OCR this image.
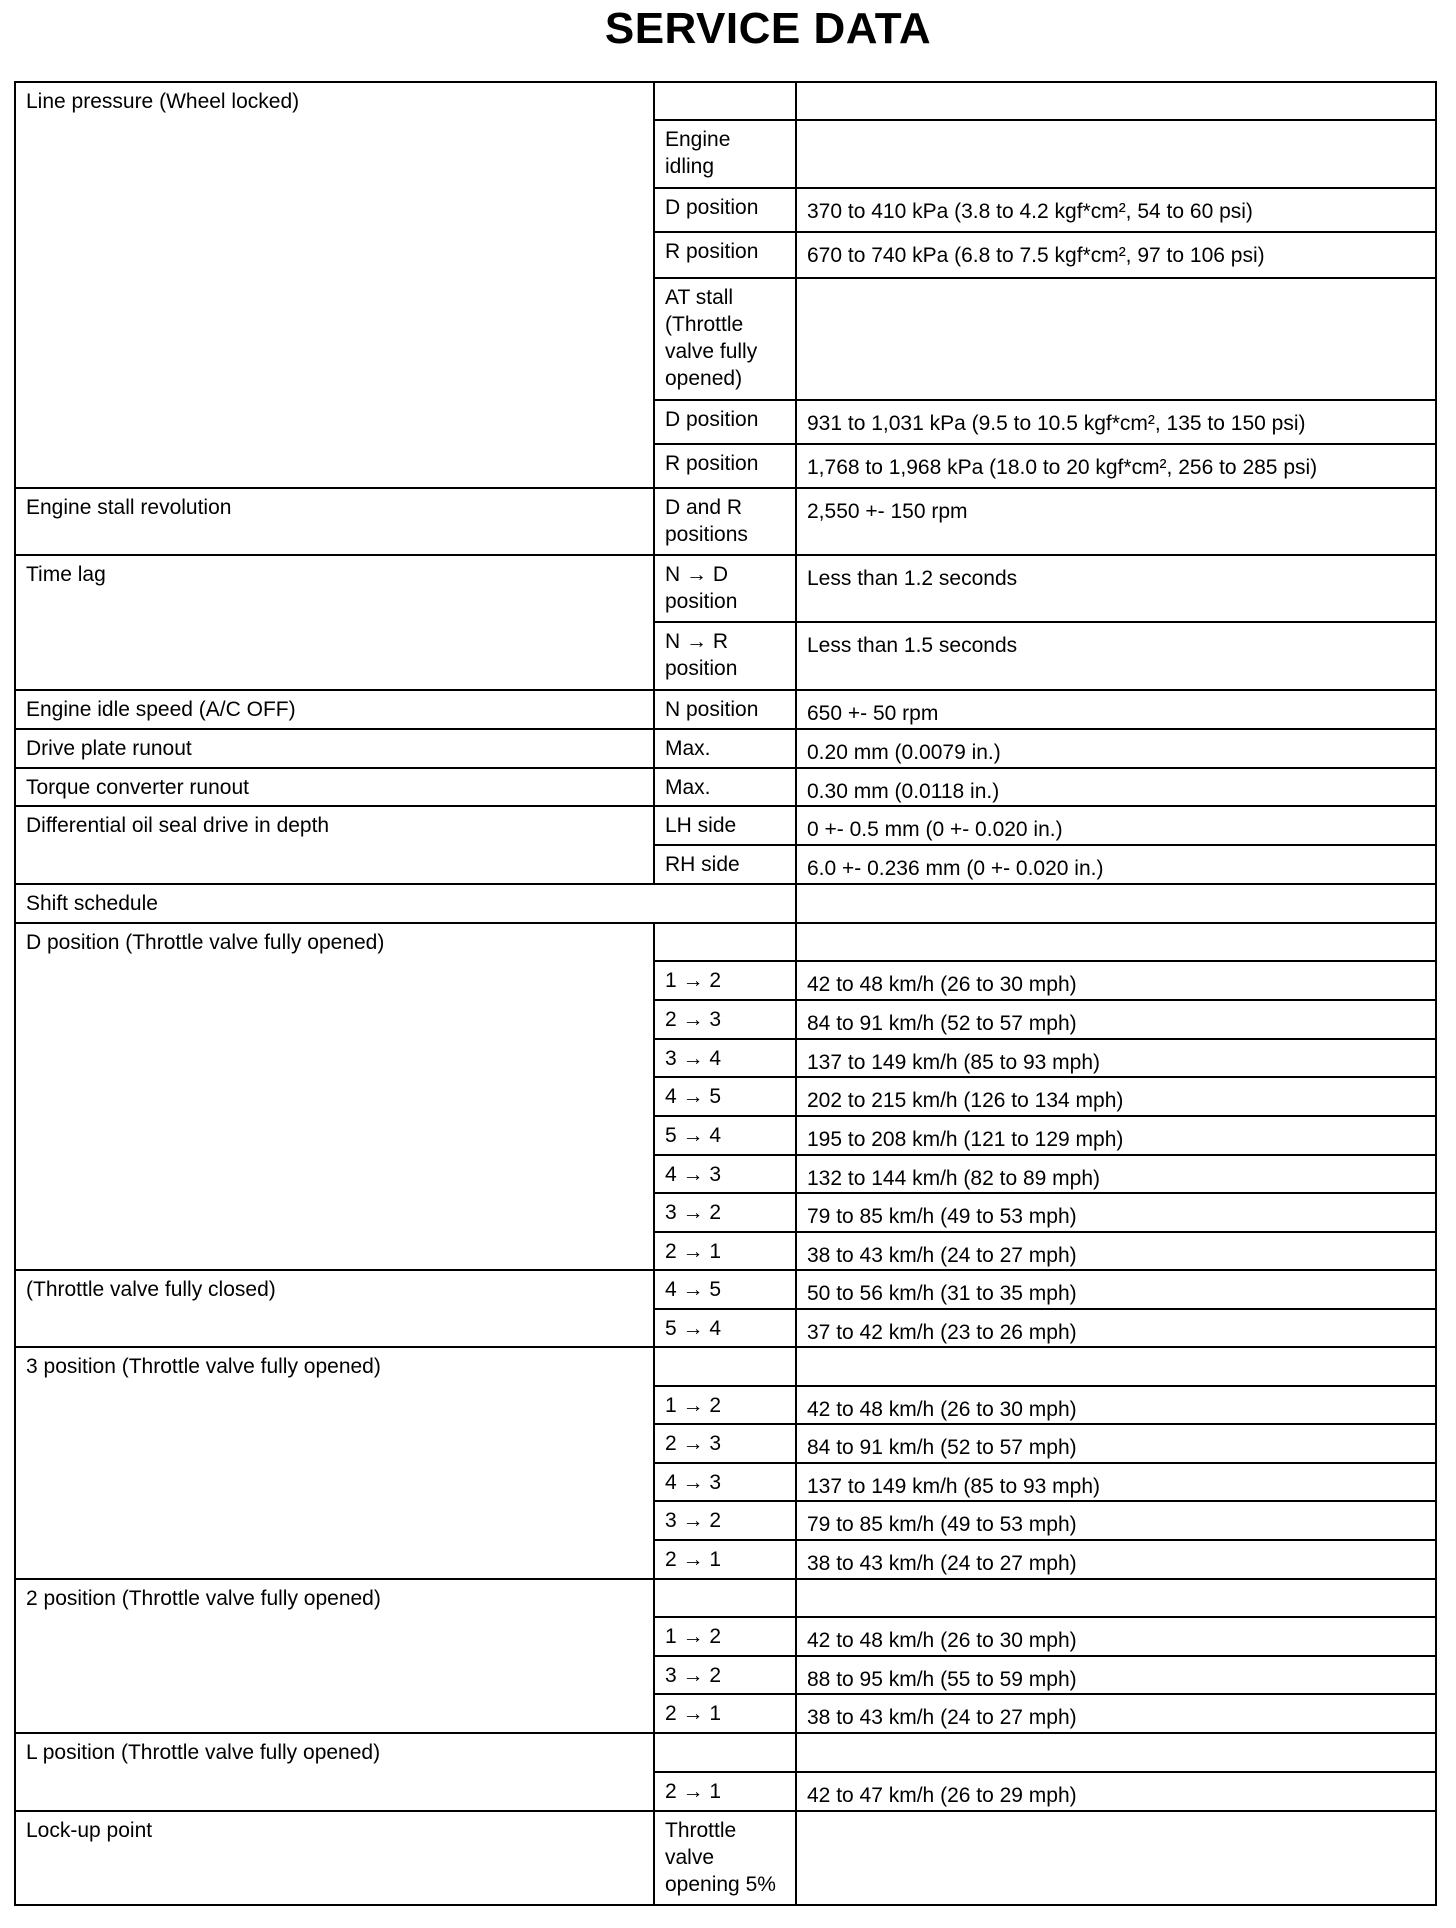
SERVICE DATA
Line pressure (Wheel locked)		
	Engine idling	
	D position	370 to 410 kPa (3.8 to 4.2 kgf*cm², 54 to 60 psi)
	R position	670 to 740 kPa (6.8 to 7.5 kgf*cm², 97 to 106 psi)
	AT stall (Throttle valve fully opened)	
	D position	931 to 1,031 kPa (9.5 to 10.5 kgf*cm², 135 to 150 psi)
	R position	1,768 to 1,968 kPa (18.0 to 20 kgf*cm², 256 to 285 psi)
Engine stall revolution	D and R positions	2,550 +- 150 rpm
Time lag	N → D position	Less than 1.2 seconds
	N → R position	Less than 1.5 seconds
Engine idle speed (A/C OFF)	N position	650 +- 50 rpm
Drive plate runout	Max.	0.20 mm (0.0079 in.)
Torque converter runout	Max.	0.30 mm (0.0118 in.)
Differential oil seal drive in depth	LH side	0 +- 0.5 mm (0 +- 0.020 in.)
	RH side	6.0 +- 0.236 mm (0 +- 0.020 in.)
Shift schedule		
D position (Throttle valve fully opened)		
	1 → 2	42 to 48 km/h (26 to 30 mph)
	2 → 3	84 to 91 km/h (52 to 57 mph)
	3 → 4	137 to 149 km/h (85 to 93 mph)
	4 → 5	202 to 215 km/h (126 to 134 mph)
	5 → 4	195 to 208 km/h (121 to 129 mph)
	4 → 3	132 to 144 km/h (82 to 89 mph)
	3 → 2	79 to 85 km/h (49 to 53 mph)
	2 → 1	38 to 43 km/h (24 to 27 mph)
(Throttle valve fully closed)	4 → 5	50 to 56 km/h (31 to 35 mph)
	5 → 4	37 to 42 km/h (23 to 26 mph)
3 position (Throttle valve fully opened)		
	1 → 2	42 to 48 km/h (26 to 30 mph)
	2 → 3	84 to 91 km/h (52 to 57 mph)
	4 → 3	137 to 149 km/h (85 to 93 mph)
	3 → 2	79 to 85 km/h (49 to 53 mph)
	2 → 1	38 to 43 km/h (24 to 27 mph)
2 position (Throttle valve fully opened)		
	1 → 2	42 to 48 km/h (26 to 30 mph)
	3 → 2	88 to 95 km/h (55 to 59 mph)
	2 → 1	38 to 43 km/h (24 to 27 mph)
L position (Throttle valve fully opened)		
	2 → 1	42 to 47 km/h (26 to 29 mph)
Lock-up point	Throttle valve opening 5%	
